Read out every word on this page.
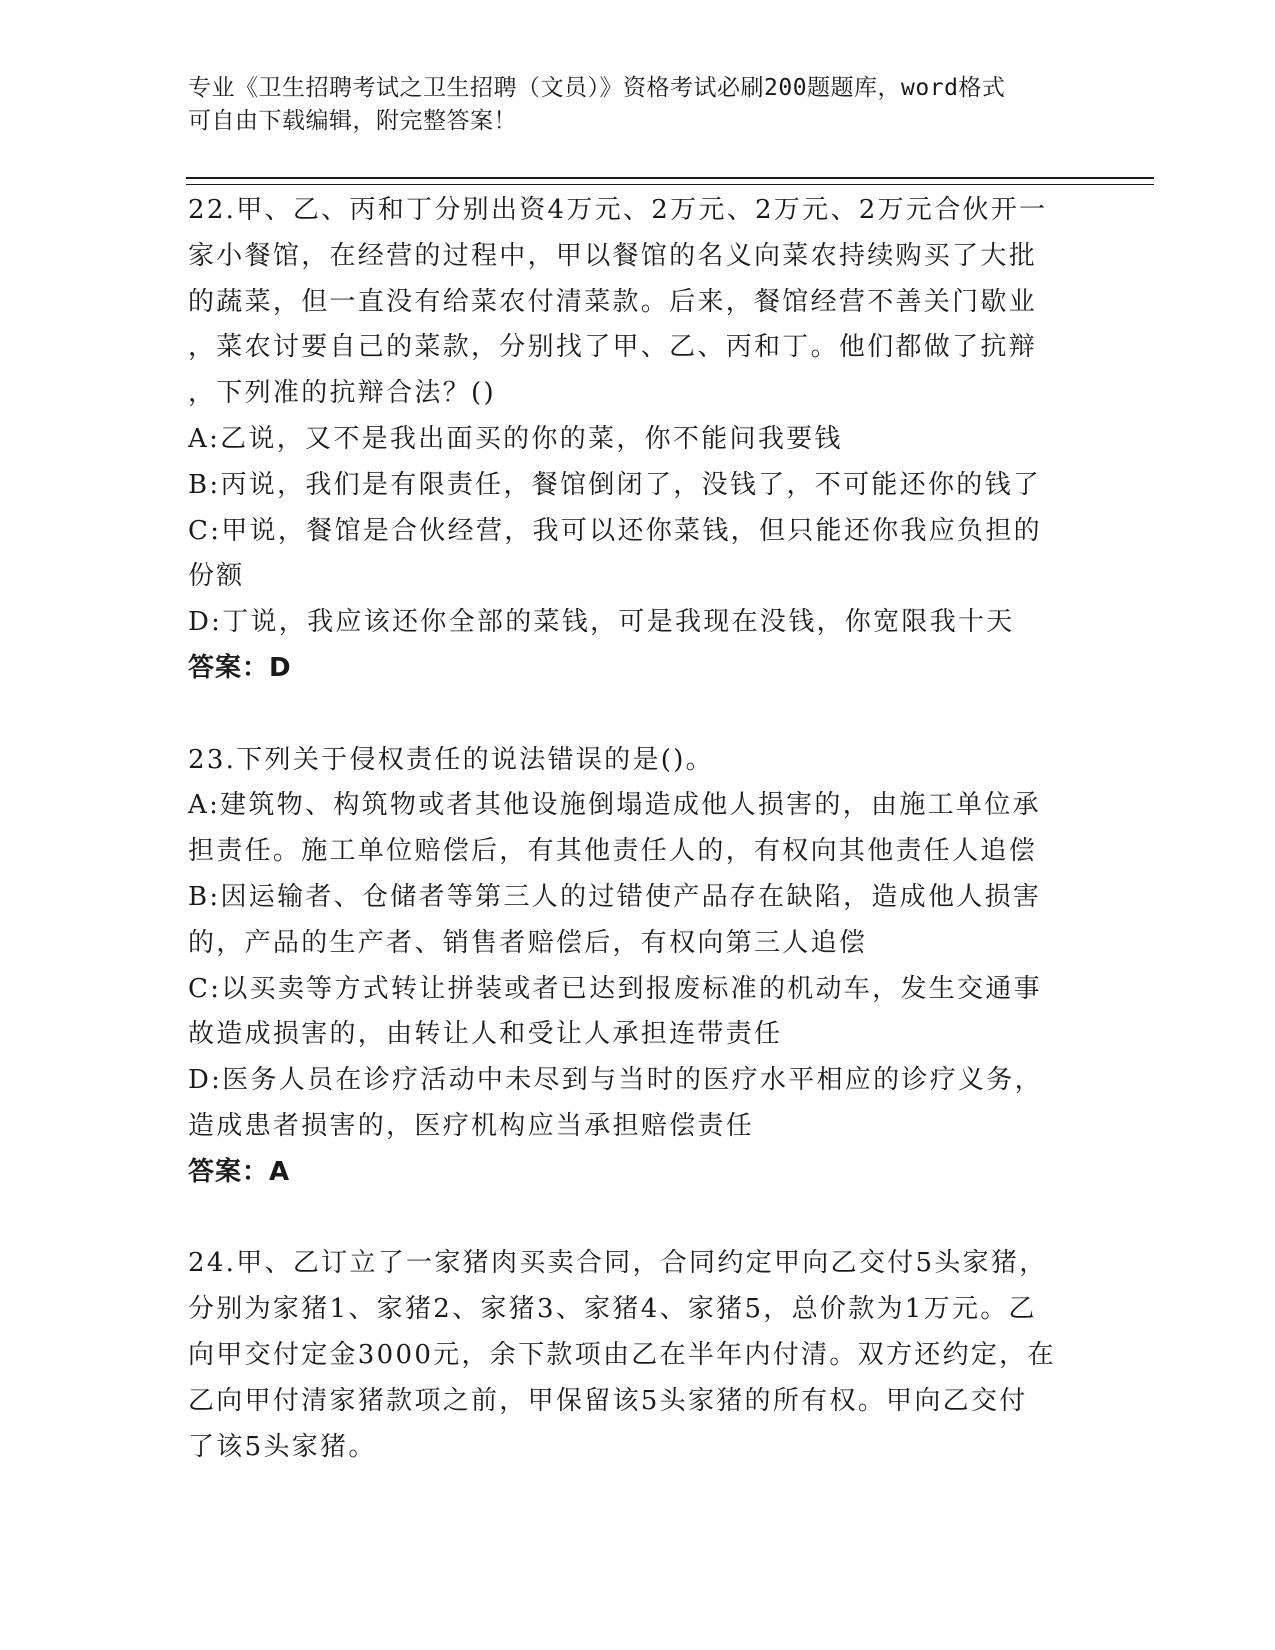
专业《卫生招聘考试之卫生招聘（文员）》资格考试必刷200题题库，word格式
可自由下载编辑，附完整答案！
22.甲、乙、丙和丁分别出资4万元、2万元、2万元、2万元合伙开一
家小餐馆，在经营的过程中，甲以餐馆的名义向菜农持续购买了大批
的蔬菜，但一直没有给菜农付清菜款。后来，餐馆经营不善关门歇业
，菜农讨要自己的菜款，分别找了甲、乙、丙和丁。他们都做了抗辩
，下列准的抗辩合法？()
A:乙说，又不是我出面买的你的菜，你不能问我要钱
B:丙说，我们是有限责任，餐馆倒闭了，没钱了，不可能还你的钱了
C:甲说，餐馆是合伙经营，我可以还你菜钱，但只能还你我应负担的
份额
D:丁说，我应该还你全部的菜钱，可是我现在没钱，你宽限我十天
答案：D
23.下列关于侵权责任的说法错误的是()。
A:建筑物、构筑物或者其他设施倒塌造成他人损害的，由施工单位承
担责任。施工单位赔偿后，有其他责任人的，有权向其他责任人追偿
B:因运输者、仓储者等第三人的过错使产品存在缺陷，造成他人损害
的，产品的生产者、销售者赔偿后，有权向第三人追偿
C:以买卖等方式转让拼装或者已达到报废标准的机动车，发生交通事
故造成损害的，由转让人和受让人承担连带责任
D:医务人员在诊疗活动中未尽到与当时的医疗水平相应的诊疗义务，
造成患者损害的，医疗机构应当承担赔偿责任
答案：A
24.甲、乙订立了一家猪肉买卖合同，合同约定甲向乙交付5头家猪，
分别为家猪1、家猪2、家猪3、家猪4、家猪5，总价款为1万元。乙
向甲交付定金3000元，余下款项由乙在半年内付清。双方还约定，在
乙向甲付清家猪款项之前，甲保留该5头家猪的所有权。甲向乙交付
了该5头家猪。
